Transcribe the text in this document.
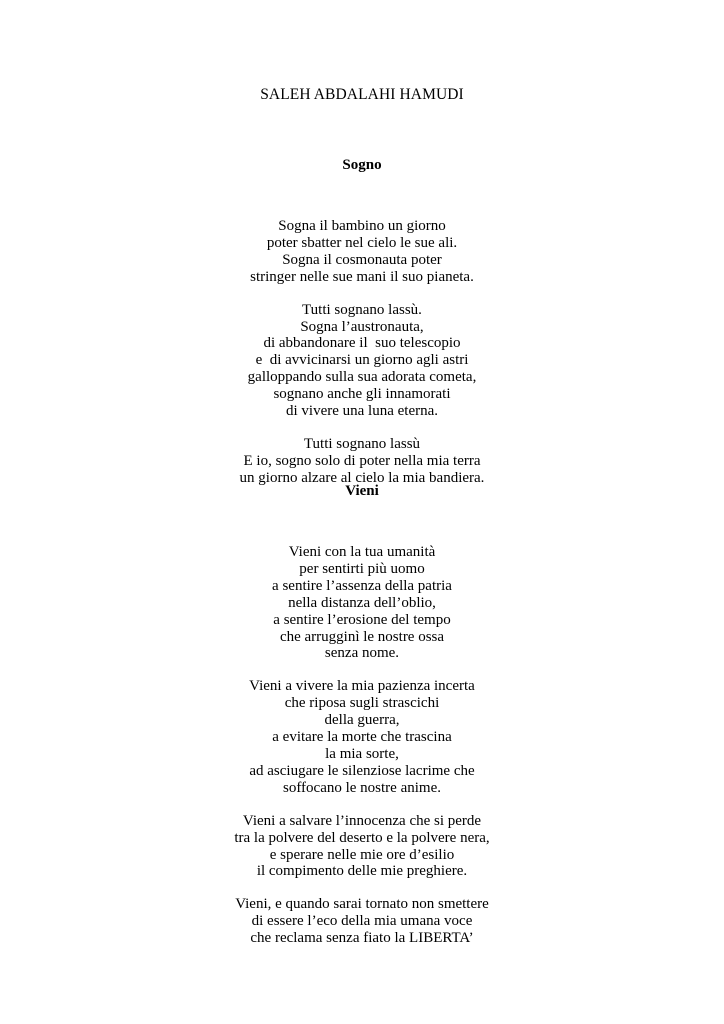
SALEH ABDALAHI HAMUDI

Sogno

Sogna il bambino un giorno
poter sbatter nel cielo le sue ali.
Sogna il cosmonauta poter
stringer nelle sue mani il suo pianeta.
Tutti sognano lassù.
Sogna l’austronauta,
di abbandonare il  suo telescopio
e  di avvicinarsi un giorno agli astri
galloppando sulla sua adorata cometa,
sognano anche gli innamorati
di vivere una luna eterna.
Tutti sognano lassù
E io, sogno solo di poter nella mia terra
un giorno alzare al cielo la mia bandiera.

Vieni

Vieni con la tua umanità
per sentirti più uomo
a sentire l’assenza della patria
nella distanza dell’oblio,
a sentire l’erosione del tempo
che arrugginì le nostre ossa
senza nome.
Vieni a vivere la mia pazienza incerta
che riposa sugli strascichi
della guerra,
a evitare la morte che trascina
la mia sorte,
ad asciugare le silenziose lacrime che
soffocano le nostre anime.
Vieni a salvare l’innocenza che si perde
tra la polvere del deserto e la polvere nera,
e sperare nelle mie ore d’esilio
il compimento delle mie preghiere.
Vieni, e quando sarai tornato non smettere
di essere l’eco della mia umana voce
che reclama senza fiato la LIBERTA’
